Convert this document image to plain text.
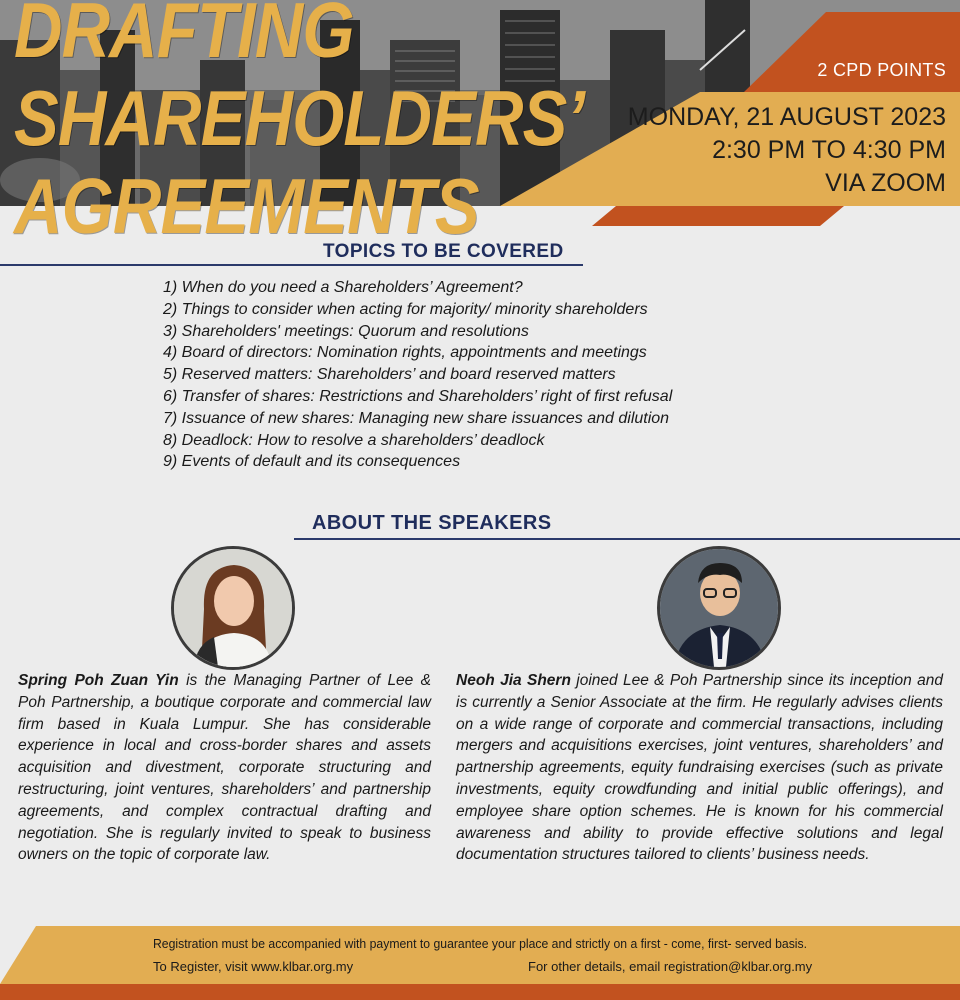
DRAFTING SHAREHOLDERS’
AGREEMENTS
2 CPD POINTS
MONDAY, 21 AUGUST 2023
2:30 PM TO 4:30 PM
VIA ZOOM
TOPICS TO BE COVERED
1) When do you need a Shareholders’ Agreement?
2) Things to consider when acting for majority/ minority shareholders
3) Shareholders' meetings: Quorum and resolutions
4) Board of directors: Nomination rights, appointments and meetings
5) Reserved matters: Shareholders’ and board reserved matters
6) Transfer of shares: Restrictions and Shareholders’ right of first refusal
7) Issuance of new shares: Managing new share issuances and dilution
8) Deadlock: How to resolve a shareholders’ deadlock
9) Events of default and its consequences
ABOUT THE SPEAKERS
Spring Poh Zuan Yin is the Managing Partner of Lee & Poh Partnership, a boutique corporate and commercial law firm based in Kuala Lumpur. She has considerable experience in local and cross-border shares and assets acquisition and divestment, corporate structuring and restructuring, joint ventures, shareholders’ and partnership agreements, and complex contractual drafting and negotiation. She is regularly invited to speak to business owners on the topic of corporate law.
Neoh Jia Shern joined Lee & Poh Partnership since its inception and is currently a Senior Associate at the firm. He regularly advises clients on a wide range of corporate and commercial transactions, including mergers and acquisitions exercises, joint ventures, shareholders’ and partnership agreements, equity fundraising exercises (such as private investments, equity crowdfunding and initial public offerings), and employee share option schemes. He is known for his commercial awareness and ability to provide effective solutions and legal documentation structures tailored to clients’ business needs.
Registration must be accompanied with payment to guarantee your place and strictly on a first - come, first- served basis.
To Register, visit www.klbar.org.my	For other details, email registration@klbar.org.my
